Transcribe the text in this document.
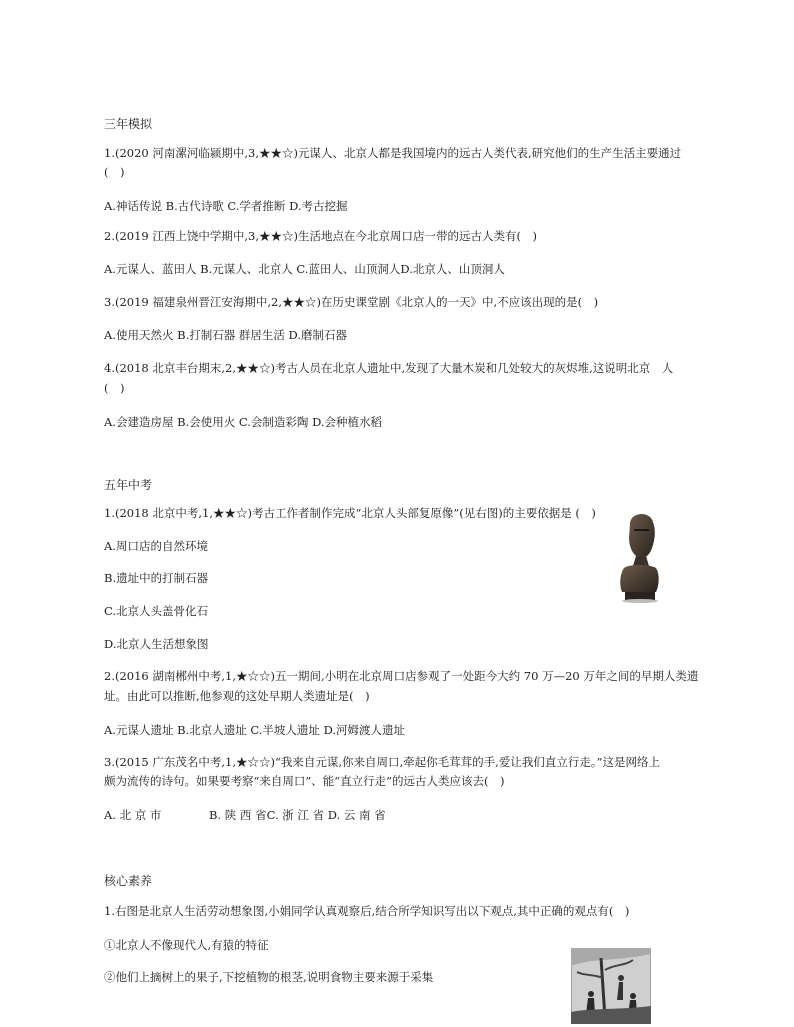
三年模拟
1.(2020 河南漯河临颍期中,3,★★☆)元谋人、北京人都是我国境内的远古人类代表,研究他们的生产生活主要通过
(　)
A.神话传说 B.古代诗歌 C.学者推断 D.考古挖掘
2.(2019 江西上饶中学期中,3,★★☆)生活地点在今北京周口店一带的远古人类有(　)
A.元谋人、蓝田人 B.元谋人、北京人 C.蓝田人、山顶洞人D.北京人、山顶洞人
3.(2019 福建泉州晋江安海期中,2,★★☆)在历史课堂剧《北京人的一天》中,不应该出现的是(　)
A.使用天然火 B.打制石器 群居生活 D.磨制石器
4.(2018 北京丰台期末,2,★★☆)考古人员在北京人遗址中,发现了大量木炭和几处较大的灰烬堆,这说明北京　人
(　)
A.会建造房屋 B.会使用火 C.会制造彩陶 D.会种植水稻
五年中考
1.(2018 北京中考,1,★★☆)考古工作者制作完成“北京人头部复原像”(见右图)的主要依据是 (　)
A.周口店的自然环境
B.遗址中的打制石器
C.北京人头盖骨化石
D.北京人生活想象图
2.(2016 湖南郴州中考,1,★☆☆)五一期间,小明在北京周口店参观了一处距今大约 70 万—20 万年之间的早期人类遗
址。由此可以推断,他参观的这处早期人类遗址是(　)
A.元谋人遗址 B.北京人遗址 C.半坡人遗址 D.河姆渡人遗址
3.(2015 广东茂名中考,1,★☆☆)“我来自元谋,你来自周口,牵起你毛茸茸的手,爱让我们直立行走。”这是网络上
颇为流传的诗句。如果要考察“来自周口”、能“直立行走”的远古人类应该去(　)
A. 北 京 市	B. 陕 西 省C. 浙 江 省 D. 云 南 省
核心素养
1.右图是北京人生活劳动想象图,小娟同学认真观察后,结合所学知识写出以下观点,其中正确的观点有(　)
①北京人不像现代人,有猿的特征
②他们上摘树上的果子,下挖植物的根茎,说明食物主要来源于采集
